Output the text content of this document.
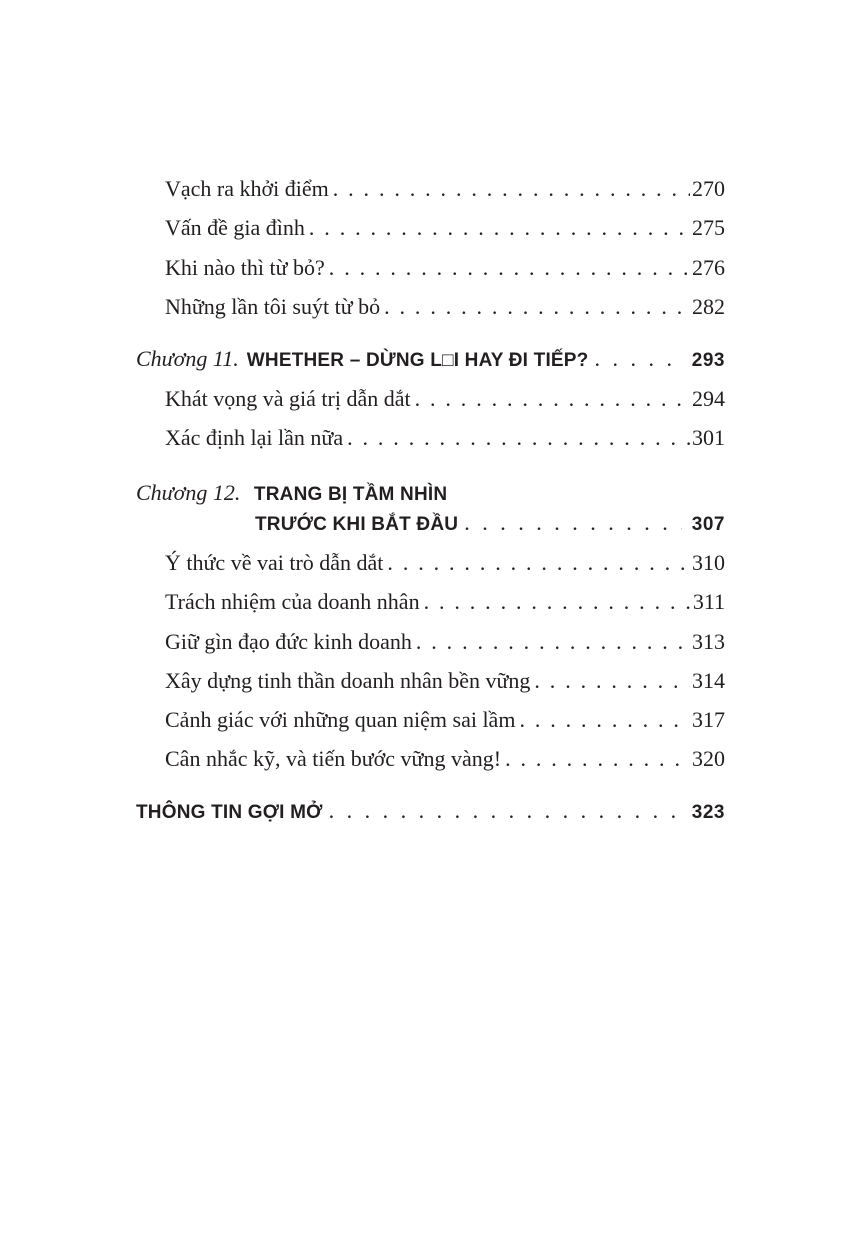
Vạch ra khởi điểm . . .	270
Vấn đề gia đình . . .	275
Khi nào thì từ bỏ? . . .	276
Những lần tôi suýt từ bỏ . . .	282
Chương 11. WHETHER – DỪNG L□I HAY ĐI TIẾP? . . .	293
Khát vọng và giá trị dẫn dắt . . .	294
Xác định lại lần nữa . . .	301
Chương 12. TRANG BỊ TẦM NHÌN
TRƯỚC KHI BẮT ĐẦU . . .	307
Ý thức về vai trò dẫn dắt . . .	310
Trách nhiệm của doanh nhân . . .	311
Giữ gìn đạo đức kinh doanh . . .	313
Xây dựng tinh thần doanh nhân bền vững . . .	314
Cảnh giác với những quan niệm sai lầm . . .	317
Cân nhắc kỹ, và tiến bước vững vàng! . . .	320
THÔNG TIN GỢI MỞ . . .	323
